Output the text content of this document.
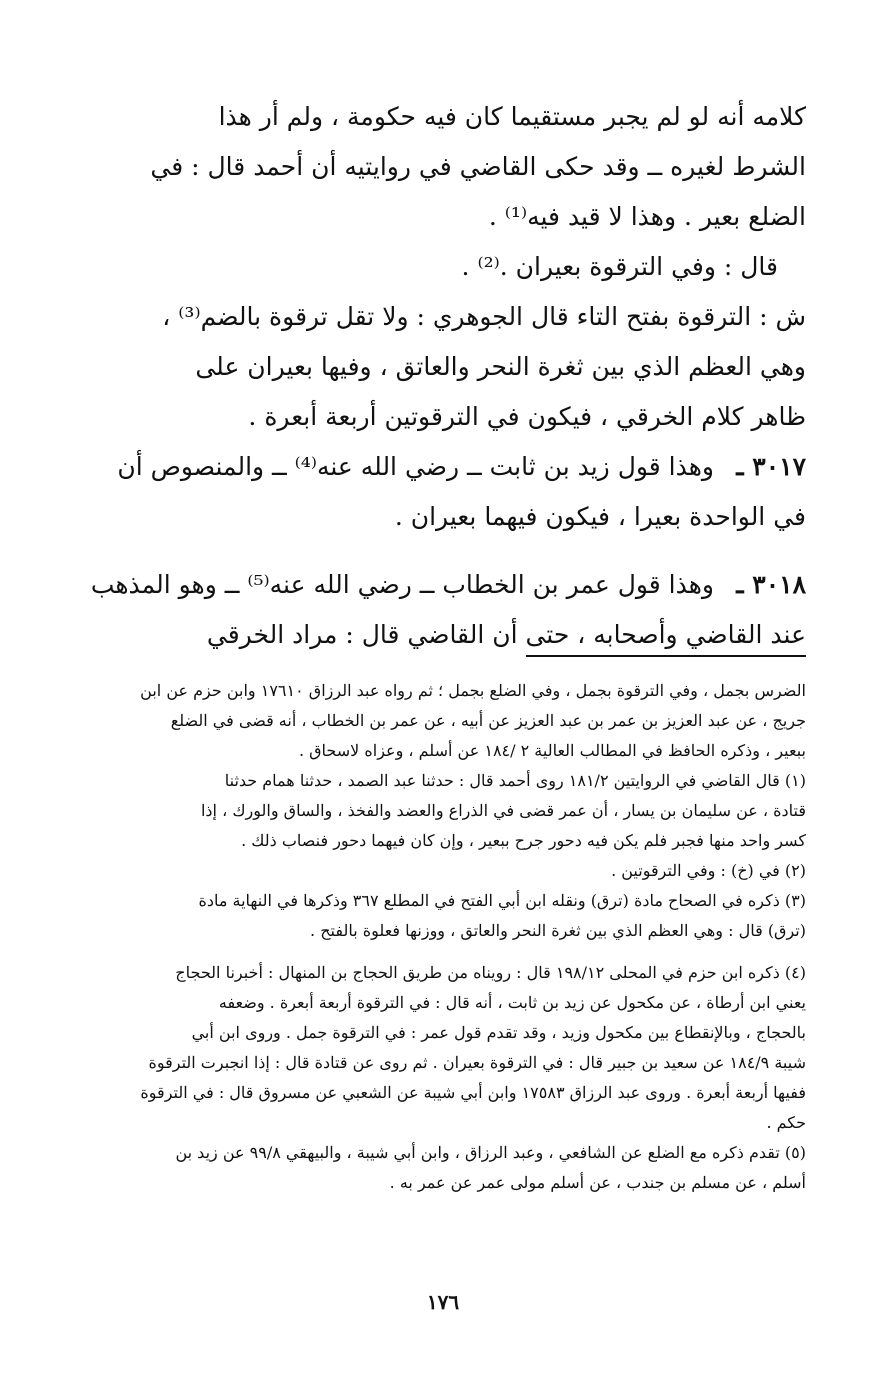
كلامه أنه لو لم يجبر مستقيما كان فيه حكومة ، ولم أر هذا
الشرط لغيره ــ وقد حكى القاضي في روايتيه أن أحمد قال : في
الضلع بعير . وهذا لا قيد فيه⁽¹⁾ .
قال : وفي الترقوة بعيران .⁽²⁾ .
ش : الترقوة بفتح التاء قال الجوهري : ولا تقل ترقوة بالضم⁽³⁾ ،
وهي العظم الذي بين ثغرة النحر والعاتق ، وفيها بعيران على
ظاهر كلام الخرقي ، فيكون في الترقوتين أربعة أبعرة .
٣٠١٧ ـوهذا قول زيد بن ثابت ــ رضي الله عنه⁽⁴⁾ ــ والمنصوص أن
في الواحدة بعيرا ، فيكون فيهما بعيران .
٣٠١٨ ـوهذا قول عمر بن الخطاب ــ رضي الله عنه⁽⁵⁾ ــ وهو المذهب
عند القاضي وأصحابه ، حتى أن القاضي قال : مراد الخرقي
الضرس بجمل ، وفي الترقوة بجمل ، وفي الضلع بجمل ؛ ثم رواه عبد الرزاق ١٧٦١٠ وابن حزم عن ابن
جريج ، عن عبد العزيز بن عمر بن عبد العزيز عن أبيه ، عن عمر بن الخطاب ، أنه قضى في الضلع
ببعير ، وذكره الحافظ في المطالب العالية ٢ /١٨٤ عن أسلم ، وعزاه لاسحاق .
(١) قال القاضي في الروايتين ١٨١/٢ روى أحمد قال : حدثنا عبد الصمد ، حدثنا همام حدثنا
قتادة ، عن سليمان بن يسار ، أن عمر قضى في الذراع والعضد والفخذ ، والساق والورك ، إذا
كسر واحد منها فجبر فلم يكن فيه دحور جرح ببعير ، وإن كان فيهما دحور فنصاب ذلك .
(٢) في (خ) : وفي الترقوتين .
(٣) ذكره في الصحاح مادة (ترق) ونقله ابن أبي الفتح في المطلع ٣٦٧ وذكرها في النهاية مادة
(ترق) قال : وهي العظم الذي بين ثغرة النحر والعاتق ، ووزنها فعلوة بالفتح .
(٤) ذكره ابن حزم في المحلى ١٩٨/١٢ قال : رويناه من طريق الحجاج بن المنهال : أخبرنا الحجاج
يعني ابن أرطاة ، عن مكحول عن زيد بن ثابت ، أنه قال : في الترقوة أربعة أبعرة . وضعفه
بالحجاج ، وبالإنقطاع بين مكحول وزيد ، وقد تقدم قول عمر : في الترقوة جمل . وروى ابن أبي
شيبة ١٨٤/٩ عن سعيد بن جبير قال : في الترقوة بعيران . ثم روى عن قتادة قال : إذا انجبرت الترقوة
ففيها أربعة أبعرة . وروى عبد الرزاق ١٧٥٨٣ وابن أبي شيبة عن الشعبي عن مسروق قال : في الترقوة
حكم .
(٥) تقدم ذكره مع الضلع عن الشافعي ، وعبد الرزاق ، وابن أبي شيبة ، والبيهقي ٩٩/٨ عن زيد بن
أسلم ، عن مسلم بن جندب ، عن أسلم مولى عمر عن عمر به .
١٧٦
